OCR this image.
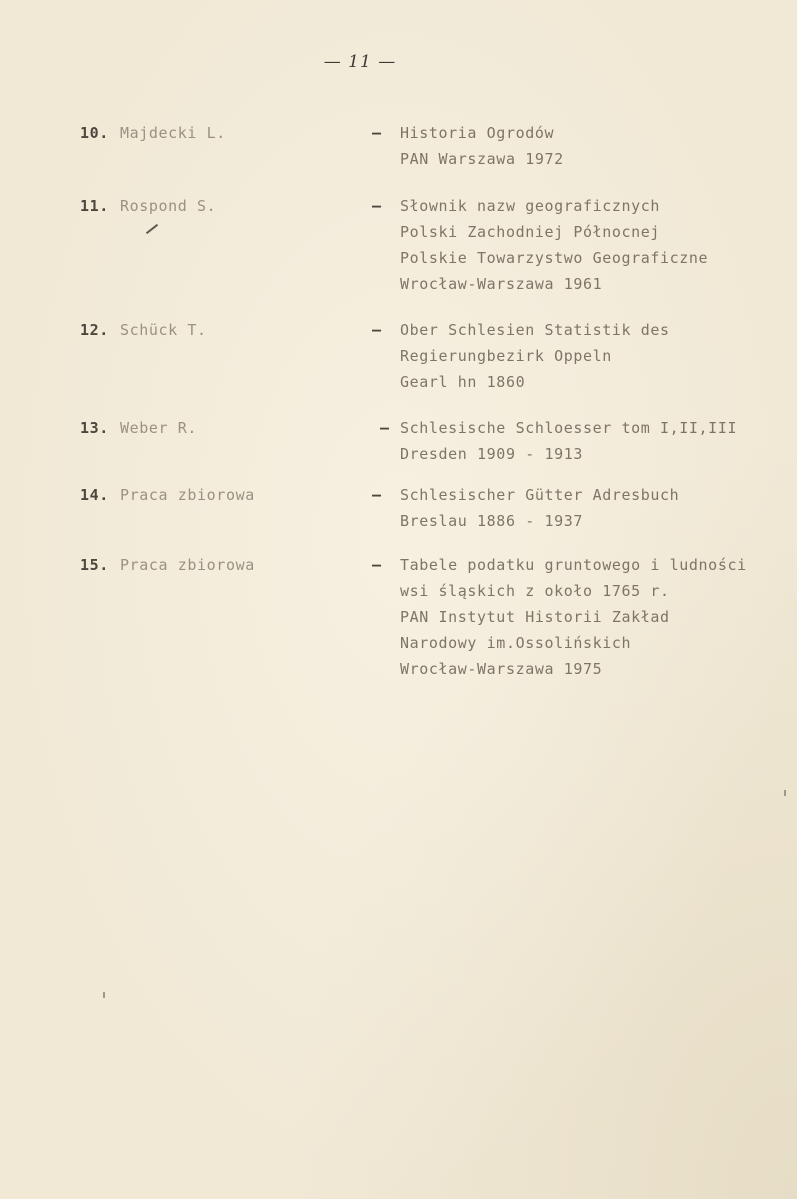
— 11 —
10. Majdecki L.	– Historia Ogrodów
PAN Warszawa 1972
11. Rospond S.	– Słownik nazw geograficznych
Polski Zachodniej Północnej
Polskie Towarzystwo Geograficzne
Wrocław-Warszawa 1961
12. Schück T.	– Ober Schlesien Statistik des
Regierungbezirk Oppeln
Gearl hn 1860
13. Weber R.	– Schlesische Schloesser tom I,II,III
Dresden 1909 - 1913
14. Praca zbiorowa	– Schlesischer Gütter Adresbuch
Breslau 1886 - 1937
15. Praca zbiorowa	– Tabele podatku gruntowego i ludności
wsi śląskich z około 1765 r.
PAN Instytut Historii Zakład
Narodowy im.Ossolińskich
Wrocław-Warszawa 1975
